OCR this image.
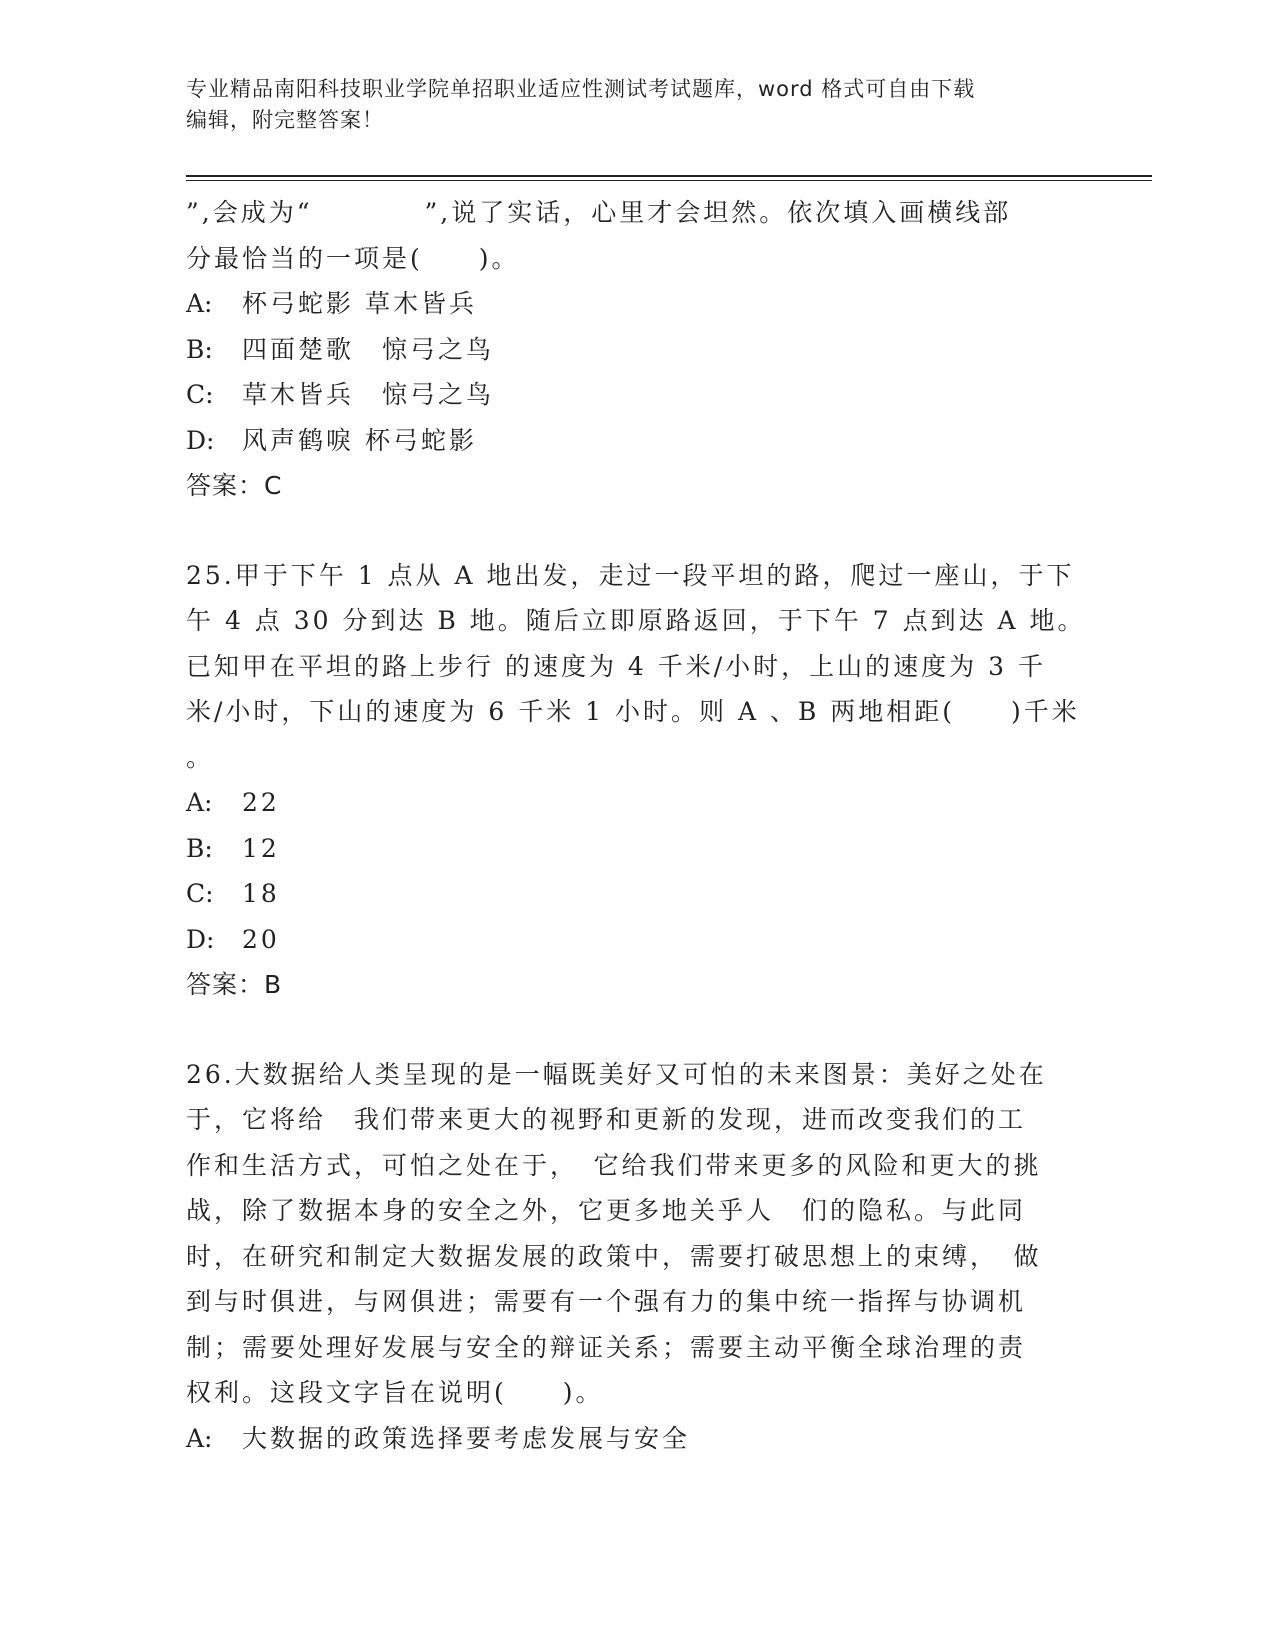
专业精品南阳科技职业学院单招职业适应性测试考试题库，word 格式可自由下载
编辑，附完整答案！

”,会成为“　　　　”,说了实话，心里才会坦然。依次填入画横线部

分最恰当的一项是(　　)。

A: 杯弓蛇影 草木皆兵

B: 四面楚歌　惊弓之鸟

C: 草木皆兵　惊弓之鸟

D: 风声鹤唳 杯弓蛇影

答案：C

25.甲于下午 1 点从 A 地出发，走过一段平坦的路，爬过一座山，于下

午 4 点 30 分到达 B 地。随后立即原路返回，于下午 7 点到达 A 地。

已知甲在平坦的路上步行 的速度为 4 千米/小时，上山的速度为 3 千

米/小时，下山的速度为 6 千米 1 小时。则 A 、B 两地相距(　　)千米

。

A: 22

B: 12

C: 18

D: 20

答案：B

26.大数据给人类呈现的是一幅既美好又可怕的未来图景：美好之处在

于，它将给　我们带来更大的视野和更新的发现，进而改变我们的工

作和生活方式，可怕之处在于，　它给我们带来更多的风险和更大的挑

战，除了数据本身的安全之外，它更多地关乎人　们的隐私。与此同

时，在研究和制定大数据发展的政策中，需要打破思想上的束缚，　做

到与时俱进，与网俱进；需要有一个强有力的集中统一指挥与协调机

制；需要处理好发展与安全的辩证关系；需要主动平衡全球治理的责

权利。这段文字旨在说明(　　)。

A: 大数据的政策选择要考虑发展与安全
